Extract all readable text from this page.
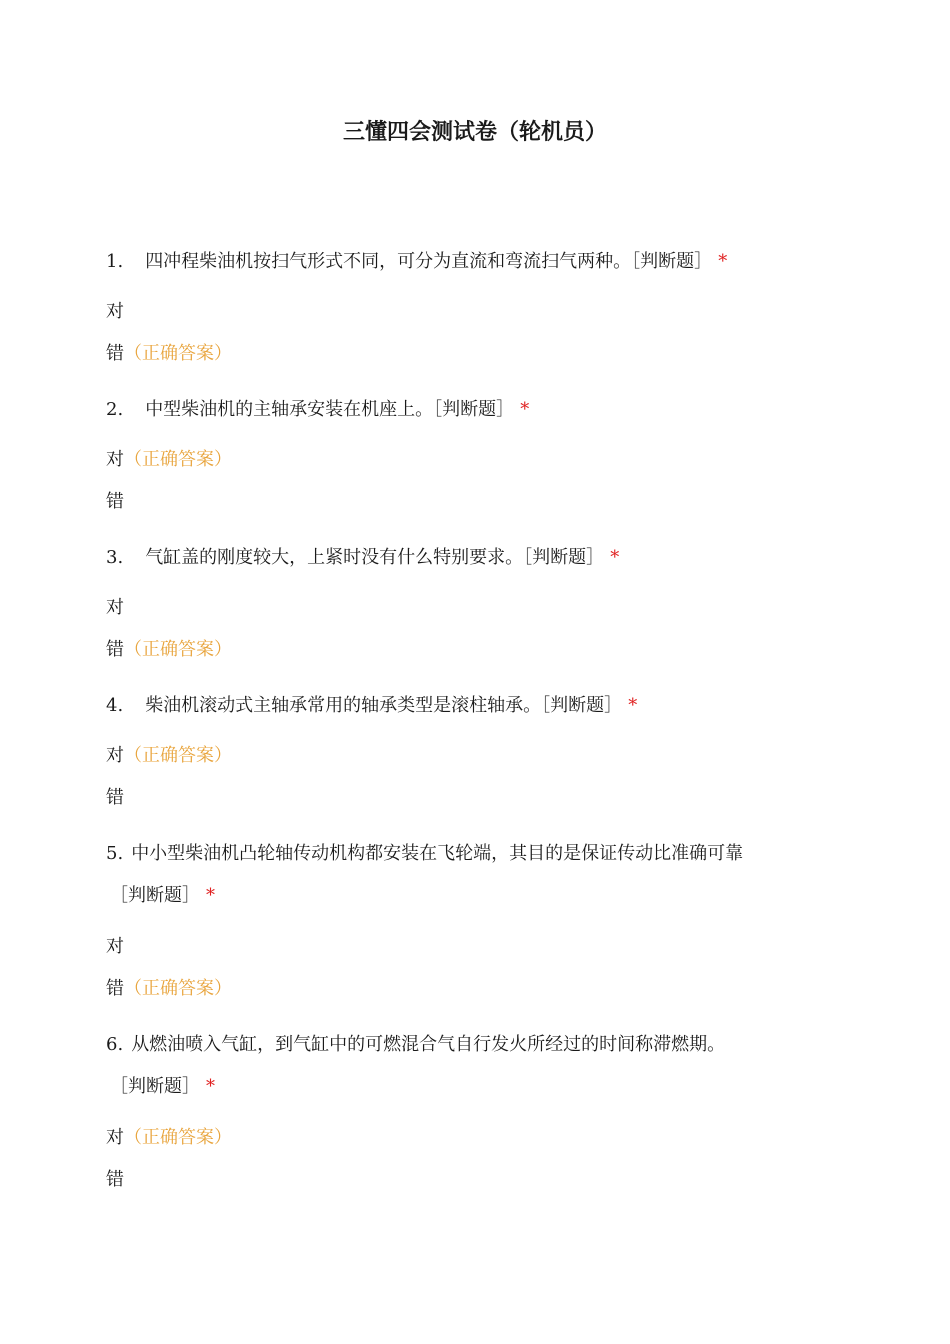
三懂四会测试卷（轮机员）
1. 四冲程柴油机按扫气形式不同，可分为直流和弯流扫气两种。［判断题］ *
对
错（正确答案）
2. 中型柴油机的主轴承安装在机座上。［判断题］ *
对（正确答案）
错
3. 气缸盖的刚度较大，上紧时没有什么特别要求。［判断题］ *
对
错（正确答案）
4. 柴油机滚动式主轴承常用的轴承类型是滚柱轴承。［判断题］ *
对（正确答案）
错
5. 中小型柴油机凸轮轴传动机构都安装在飞轮端，其目的是保证传动比准确可靠
［判断题］ *
对
错（正确答案）
6. 从燃油喷入气缸，到气缸中的可燃混合气自行发火所经过的时间称滞燃期。
［判断题］ *
对（正确答案）
错
